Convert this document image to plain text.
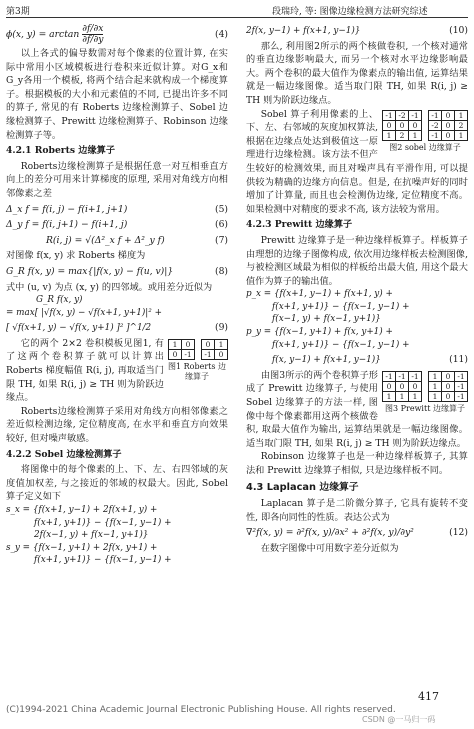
第3期	段瑞玲, 等: 图像边缘检测方法研究综述
ϕ(x, $y) = \arctan \frac{\partial f/\partial x}{\partial f/\partial y}$	(4)

以上各式的偏导数需对每个像素的位置计算, 在实际中常用小区域模板进行卷积来近似计算。对G_x和G_y各用一个模板, 将两个结合起来就构成一个梯度算子。根据模板的大小和元素值的不同, 已提出许多不同的算子, 常见的有 Roberts 边缘检测算子、Sobel 边缘检测算子、Prewitt 边缘检测算子、Robinson 边缘检测算子等。

4.2.1 Roberts 边缘算子

Roberts边缘检测算子是根据任意一对互相垂直方向上的差分可用来计算梯度的原理, 采用对角线方向相邻像素之差

Δ_x f = f(i, j) − f(i+1, j+1)	(5)
Δ_y f = f(i, j+1) − f(i+1, j)	(6)
R(i, j) = √(Δ²_x f + Δ²_y f)	(7)

对图像 f(x, y) 求 Roberts 梯度为

G_R f(x, y) = max{|f(x, y) − f(u, v)|}	(8)

式中 (u, v) 为点 (x, y) 的四邻域。或用差分近似为

G_R f(x, y)
= max[ |√f(x, y) − √f(x+1, y+1)|² +
[ √f(x+1, y) − √f(x, y+1) ]² ]^1/2	(9)
1	0
0	-1
0	1
-1	0
图1 Roberts 边缘算子

它的两个 2×2 卷积模板见图1, 有了这两个卷积算子就可以计算出 Roberts 梯度幅值 R(i, j), 再取适当门限 TH, 如果 R(i, j) ≥ TH 则为阶跃边缘点。

Roberts边缘检测算子采用对角线方向相邻像素之差近似检测边缘, 定位精度高, 在水平和垂直方向效果较好, 但对噪声敏感。

4.2.2 Sobel 边缘检测算子

将图像中的每个像素的上、下、左、右四邻域的灰度值加权差, 与之接近的邻域的权最大。因此, Sobel 算子定义如下

s_x = {f(x+1, y−1) + 2f(x+1, y) +
f(x+1, y+1)} − {f(x−1, y−1) +
2f(x−1, y) + f(x−1, y+1)}
s_y = {f(x−1, y+1) + 2f(x, y+1) +
f(x+1, y+1)} − {f(x−1, y−1) +
2f(x, y−1) + f(x+1, y−1)}	(10)

那么, 利用图2所示的两个核做卷积, 一个核对通常的垂直边缘影响最大, 而另一个核对水平边缘影响最大。两个卷积的最大值作为像素点的输出值, 运算结果就是一幅边缘图像。适当取门限 TH, 如果 R(i, j) ≥ TH 则为阶跃边缘点。

-1	-2	-1
0	0	0
1	2	1
-1	0	1
-2	0	2
-1	0	1
图2 sobel 边缘算子

Sobel 算子利用像素的上、下、左、右邻域的灰度加权算法, 根据在边缘点处达到极值这一原理进行边缘检测。该方法不但产生较好的检测效果, 而且对噪声具有平滑作用, 可以提供较为精确的边缘方向信息。但是, 在抗噪声好的同时增加了计算量, 而且也会检测伪边缘, 定位精度不高。如果检测中对精度的要求不高, 该方法较为常用。

4.2.3 Prewitt 边缘算子

Prewitt 边缘算子是一种边缘样板算子。样板算子由理想的边缘子图像构成, 依次用边缘样板去检测图像, 与被检测区域最为相似的样板给出最大值, 用这个最大值作为算子的输出值。

p_x = {f(x+1, y−1) + f(x+1, y) +
f(x+1, y+1)} − {f(x−1, y−1) +
f(x−1, y) + f(x−1, y+1)}
p_y = {f(x−1, y+1) + f(x, y+1) +
f(x+1, y+1)} − {f(x−1, y−1) +
f(x, y−1) + f(x+1, y−1)}	(11)
-1	-1	-1
0	0	0
1	1	1
1	0	-1
1	0	-1
1	0	-1
图3 Prewitt 边缘算子

由图3所示的两个卷积算子形成了 Prewitt 边缘算子, 与使用 Sobel 边缘算子的方法一样, 图像中每个像素都用这两个核做卷积, 取最大值作为输出, 运算结果就是一幅边缘图像。适当取门限 TH, 如果 R(i, j) ≥ TH 则为阶跃边缘点。

Robinson 边缘算子也是一种边缘样板算子, 其算法和 Prewitt 边缘算子相似, 只是边缘样板不同。

4.3 Laplacan 边缘算子

Laplacan 算子是二阶微分算子, 它具有旋转不变性, 即各向同性的性质。表达公式为

∇²f(x, y) = ∂²f(x, y)/∂x² + ∂²f(x, y)/∂y²	(12)

在数字图像中可用数字差分近似为

417
(C)1994-2021 China Academic Journal Electronic Publishing House. All rights reserved.
CSDN @一马归一码
